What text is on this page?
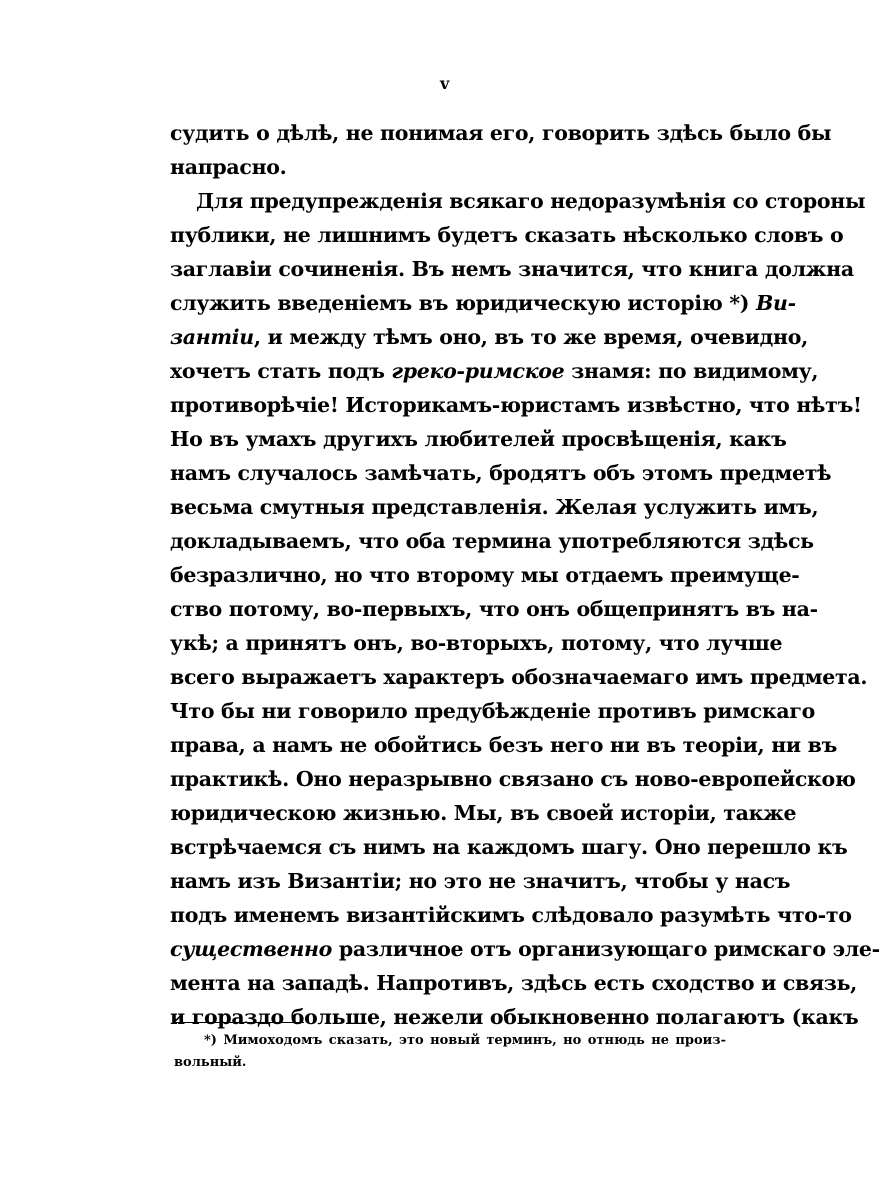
v
судить о дѣлѣ, не понимая его, говорить здѣсь было бы
напрасно.
Для предупрежденія всякаго недоразумѣнія со стороны
публики, не лишнимъ будетъ сказать нѣсколько словъ о
заглавіи сочиненія. Въ немъ значится, что книга должна
служить введеніемъ въ юридическую исторію *) Ви-
зантіи, и между тѣмъ оно, въ то же время, очевидно,
хочетъ стать подъ греко-римское знамя: по видимому,
противорѣчіе! Историкамъ-юристамъ извѣстно, что нѣтъ!
Но въ умахъ другихъ любителей просвѣщенія, какъ
намъ случалось замѣчать, бродятъ объ этомъ предметѣ
весьма смутныя представленія. Желая услужить имъ,
докладываемъ, что оба термина употребляются здѣсь
безразлично, но что второму мы отдаемъ преимуще-
ство потому, во-первыхъ, что онъ общепринятъ въ на-
укѣ; а принятъ онъ, во-вторыхъ, потому, что лучше
всего выражаетъ характеръ обозначаемаго имъ предмета.
Что бы ни говорило предубѣжденіе противъ римскаго
права, а намъ не обойтись безъ него ни въ теоріи, ни въ
практикѣ. Оно неразрывно связано съ ново-европейскою
юридическою жизнью. Мы, въ своей исторіи, также
встрѣчаемся съ нимъ на каждомъ шагу. Оно перешло къ
намъ изъ Византіи; но это не значитъ, чтобы у насъ
подъ именемъ византійскимъ слѣдовало разумѣть что-то
существенно различное отъ организующаго римскаго эле-
мента на западѣ. Напротивъ, здѣсь есть сходство и связь,
и гораздо больше, нежели обыкновенно полагаютъ (какъ
*) Мимоходомъ сказать, это новый терминъ, но отнюдь не произ-
вольный.
